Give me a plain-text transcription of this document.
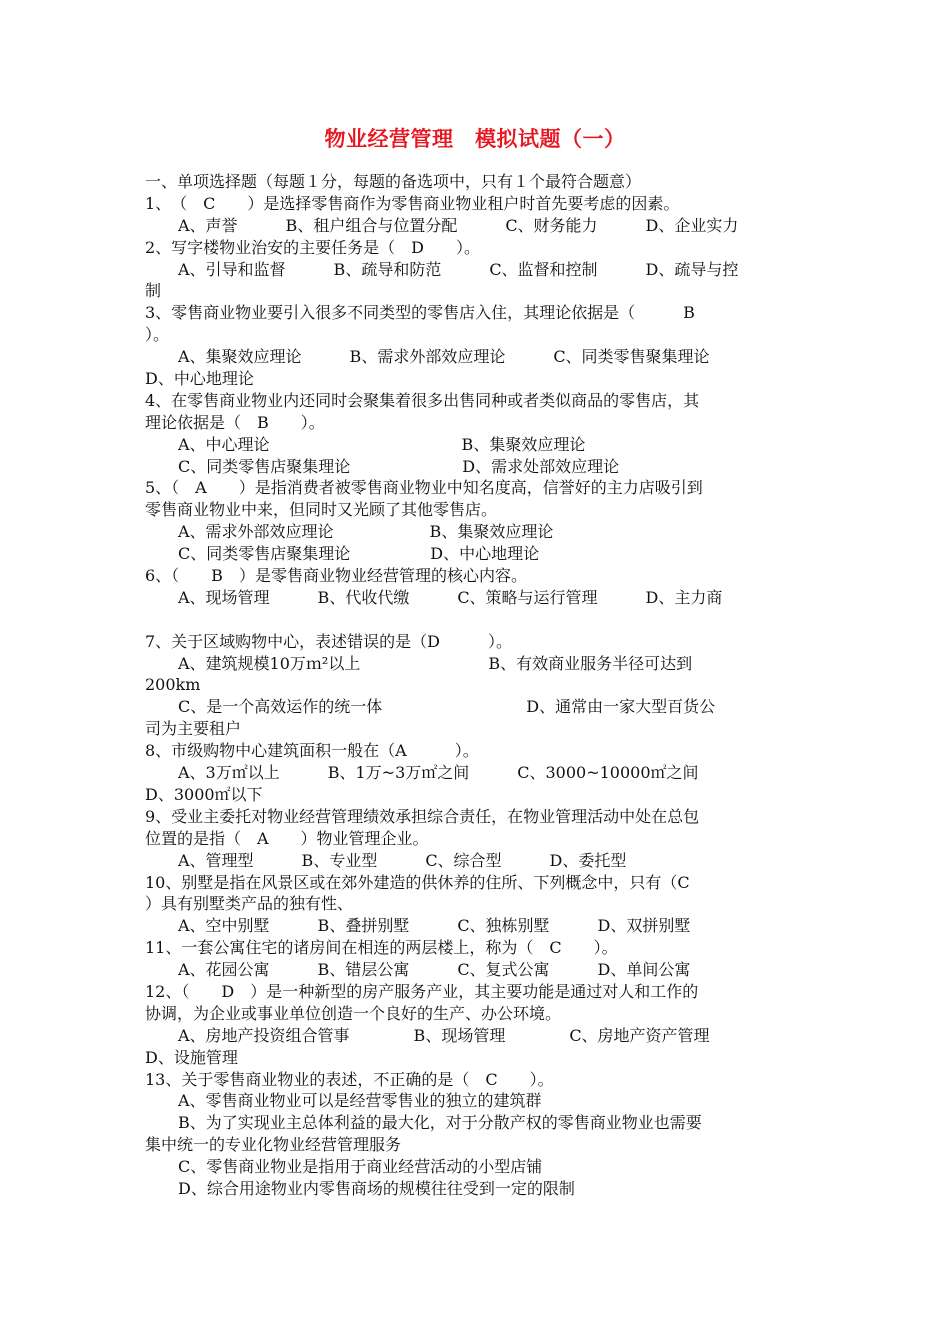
物业经营管理　模拟试题（一）
一、单项选择题（每题１分，每题的备选项中，只有１个最符合题意）
1、　（　C　　）是选择零售商作为零售商业物业租户时首先要考虑的因素。
A、声誉　　　B、租户组合与位置分配　　　C、财务能力　　　D、企业实力
2、写字楼物业治安的主要任务是（　D　　）。
A、引导和监督　　　B、疏导和防范　　　C、监督和控制　　　D、疏导与控
制
3、零售商业物业要引入很多不同类型的零售店入住，其理论依据是（　　　B
）。
A、集聚效应理论　　　B、需求外部效应理论　　　C、同类零售聚集理论
D、中心地理论
4、在零售商业物业内还同时会聚集着很多出售同种或者类似商品的零售店，其
理论依据是（　B　　）。
A、中心理论　　　　　　　　　　　　B、集聚效应理论
C、同类零售店聚集理论　　　　　　　D、需求处部效应理论
5、（　A　　）是指消费者被零售商业物业中知名度高，信誉好的主力店吸引到
零售商业物业中来，但同时又光顾了其他零售店。
A、需求外部效应理论　　　　　　B、集聚效应理论
C、同类零售店聚集理论　　　　　D、中心地理论
6、（　　B　）是零售商业物业经营管理的核心内容。
A、现场管理　　　B、代收代缴　　　C、策略与运行管理　　　D、主力商
7、关于区域购物中心，表述错误的是（D　　　）。
A、建筑规模10万ｍ²以上　　　　　　　　B、有效商业服务半径可达到
200km
C、是一个高效运作的统一体　　　　　　　　　D、通常由一家大型百货公
司为主要租户
8、市级购物中心建筑面积一般在（A　　　）。
A、3万㎡以上　　　B、1万~3万㎡之间　　　C、3000~10000㎡之间
D、3000㎡以下
9、受业主委托对物业经营管理绩效承担综合责任，在物业管理活动中处在总包
位置的是指（　A　　）物业管理企业。
A、管理型　　　B、专业型　　　C、综合型　　　D、委托型
10、别墅是指在风景区或在郊外建造的供休养的住所、下列概念中，只有（C
）具有别墅类产品的独有性、
A、空中别墅　　　B、叠拼别墅　　　C、独栋别墅　　　D、双拼别墅
11、一套公寓住宅的诸房间在相连的两层楼上，称为（　C　　）。
A、花园公寓　　　B、错层公寓　　　C、复式公寓　　　D、单间公寓
12、（　　D　）是一种新型的房产服务产业，其主要功能是通过对人和工作的
协调，为企业或事业单位创造一个良好的生产、办公环境。
A、房地产投资组合管事　　　　B、现场管理　　　　C、房地产资产管理
D、设施管理
13、关于零售商业物业的表述，不正确的是（　C　　）。
A、零售商业物业可以是经营零售业的独立的建筑群
B、为了实现业主总体利益的最大化，对于分散产权的零售商业物业也需要
集中统一的专业化物业经营管理服务
C、零售商业物业是指用于商业经营活动的小型店铺
D、综合用途物业内零售商场的规模往往受到一定的限制
